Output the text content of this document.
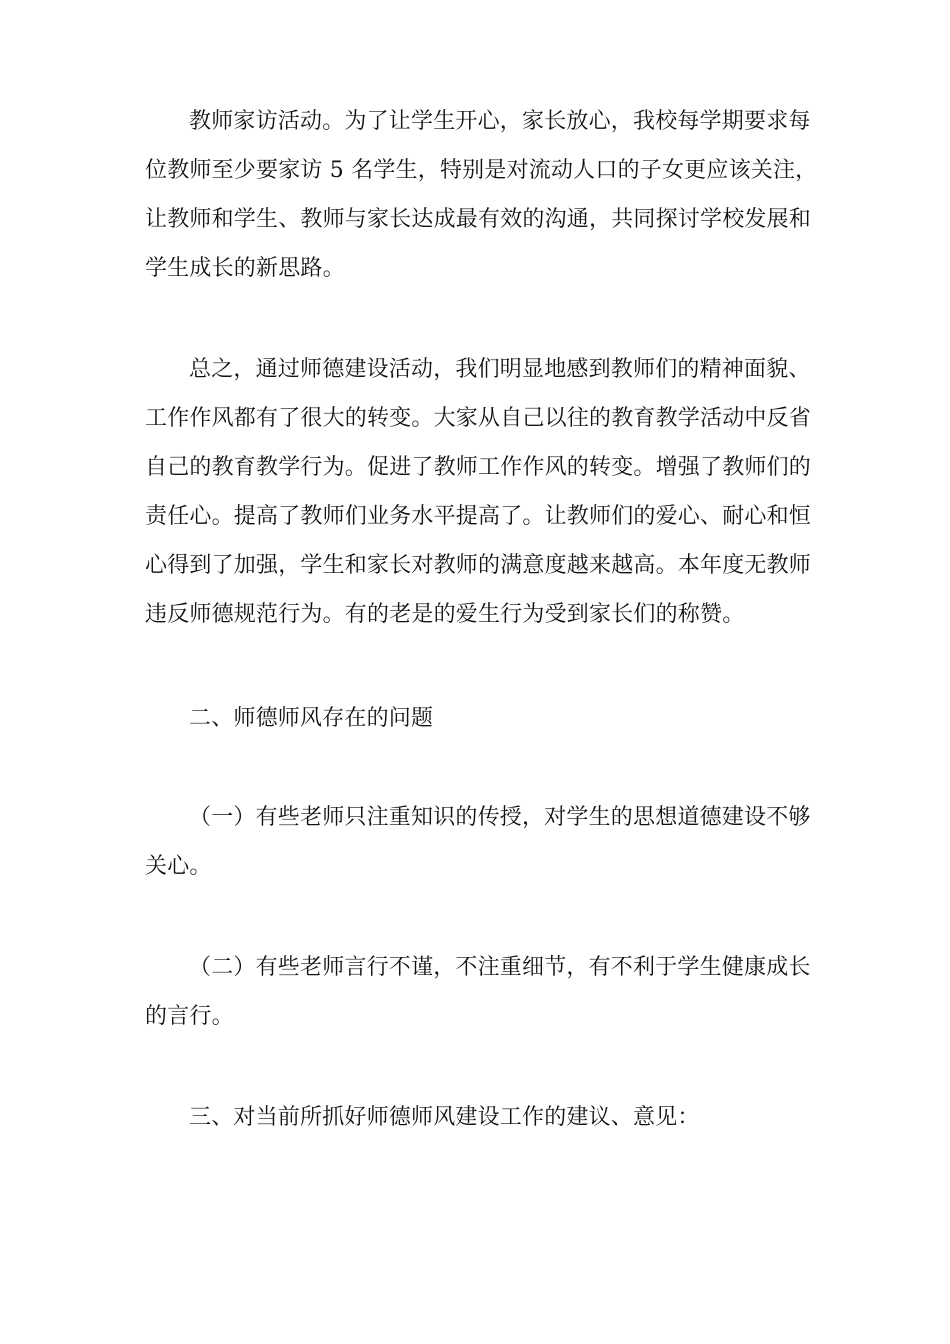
教师家访活动。为了让学生开心，家长放心，我校每学期要求每
位教师至少要家访 5 名学生，特别是对流动人口的子女更应该关注，
让教师和学生、教师与家长达成最有效的沟通，共同探讨学校发展和
学生成长的新思路。

总之，通过师德建设活动，我们明显地感到教师们的精神面貌、
工作作风都有了很大的转变。大家从自己以往的教育教学活动中反省
自己的教育教学行为。促进了教师工作作风的转变。增强了教师们的
责任心。提高了教师们业务水平提高了。让教师们的爱心、耐心和恒
心得到了加强，学生和家长对教师的满意度越来越高。本年度无教师
违反师德规范行为。有的老是的爱生行为受到家长们的称赞。

二、师德师风存在的问题

（一）有些老师只注重知识的传授，对学生的思想道德建设不够
关心。

（二）有些老师言行不谨，不注重细节，有不利于学生健康成长
的言行。

三、对当前所抓好师德师风建设工作的建议、意见：
